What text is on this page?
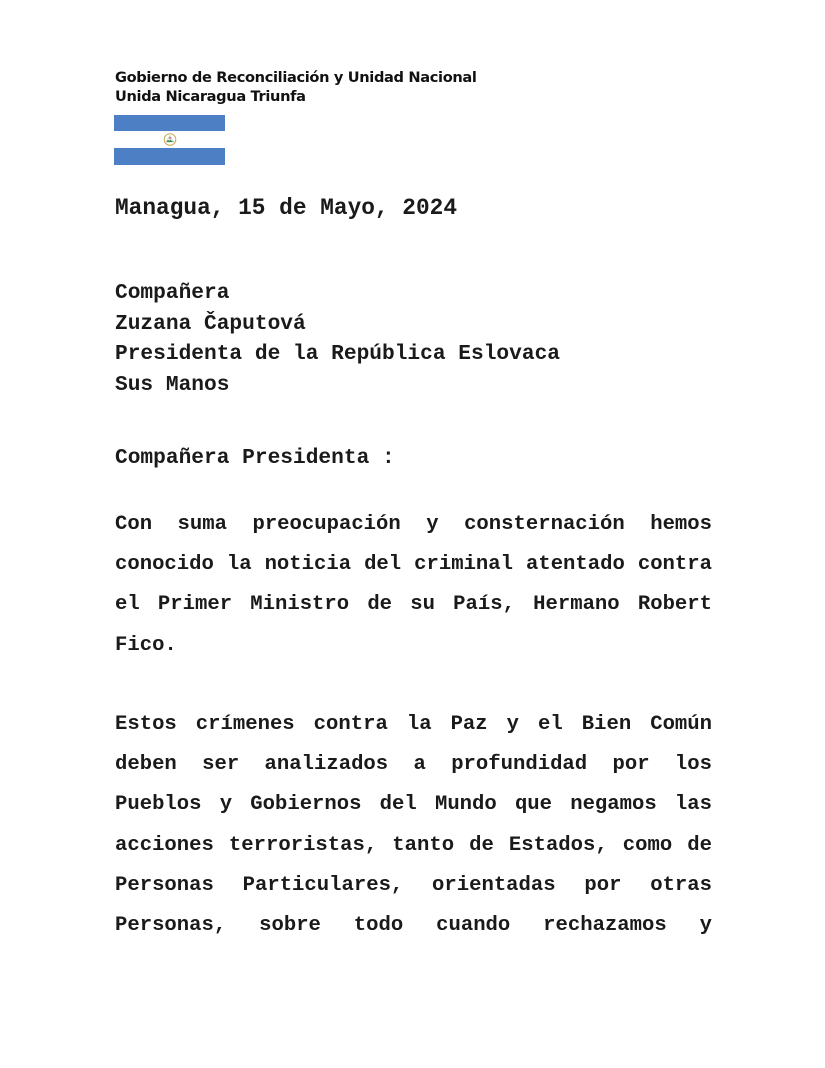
Gobierno de Reconciliación y Unidad Nacional
Unida Nicaragua Triunfa
Managua, 15 de Mayo, 2024
Compañera
Zuzana Čaputová
Presidenta de la República Eslovaca
Sus Manos
Compañera Presidenta :
Con suma preocupación y consternación hemos conocido la noticia del criminal atentado contra el Primer Ministro de su País, Hermano Robert Fico.
Estos crímenes contra la Paz y el Bien Común deben ser analizados a profundidad por los Pueblos y Gobiernos del Mundo que negamos las acciones terroristas, tanto de Estados, como de Personas Particulares, orientadas por otras Personas, sobre todo cuando rechazamos y
